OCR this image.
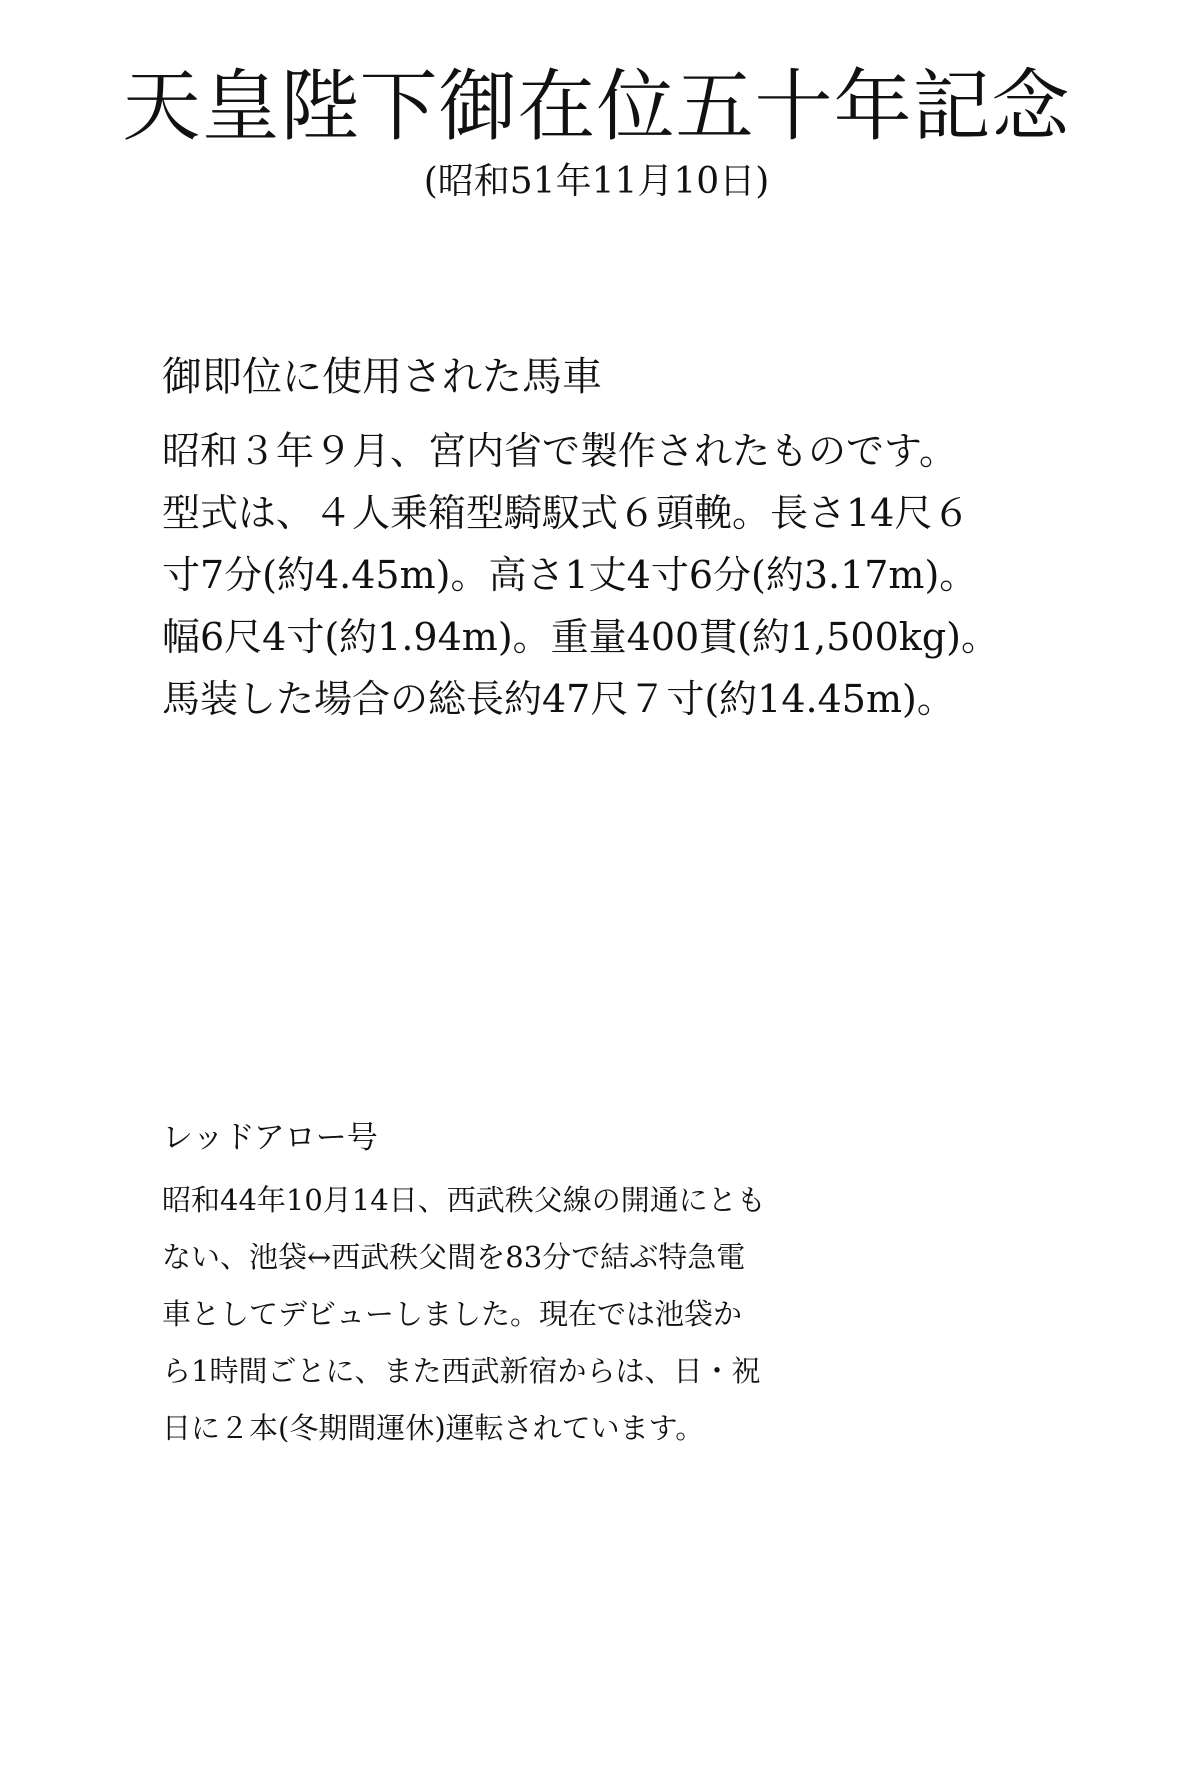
天皇陛下御在位五十年記念
(昭和51年11月10日)
御即位に使用された馬車

昭和３年９月、宮内省で製作されたものです。
型式は、４人乗箱型騎馭式６頭輓。長さ14尺６
寸7分(約4.45m)。高さ1丈4寸6分(約3.17m)。
幅6尺4寸(約1.94m)。重量400貫(約1,500kg)。
馬装した場合の総長約47尺７寸(約14.45m)。

レッドアロー号

昭和44年10月14日、西武秩父線の開通にとも
ない、池袋↔西武秩父間を83分で結ぶ特急電
車としてデビューしました。現在では池袋か
ら1時間ごとに、また西武新宿からは、日・祝
日に２本(冬期間運休)運転されています。
